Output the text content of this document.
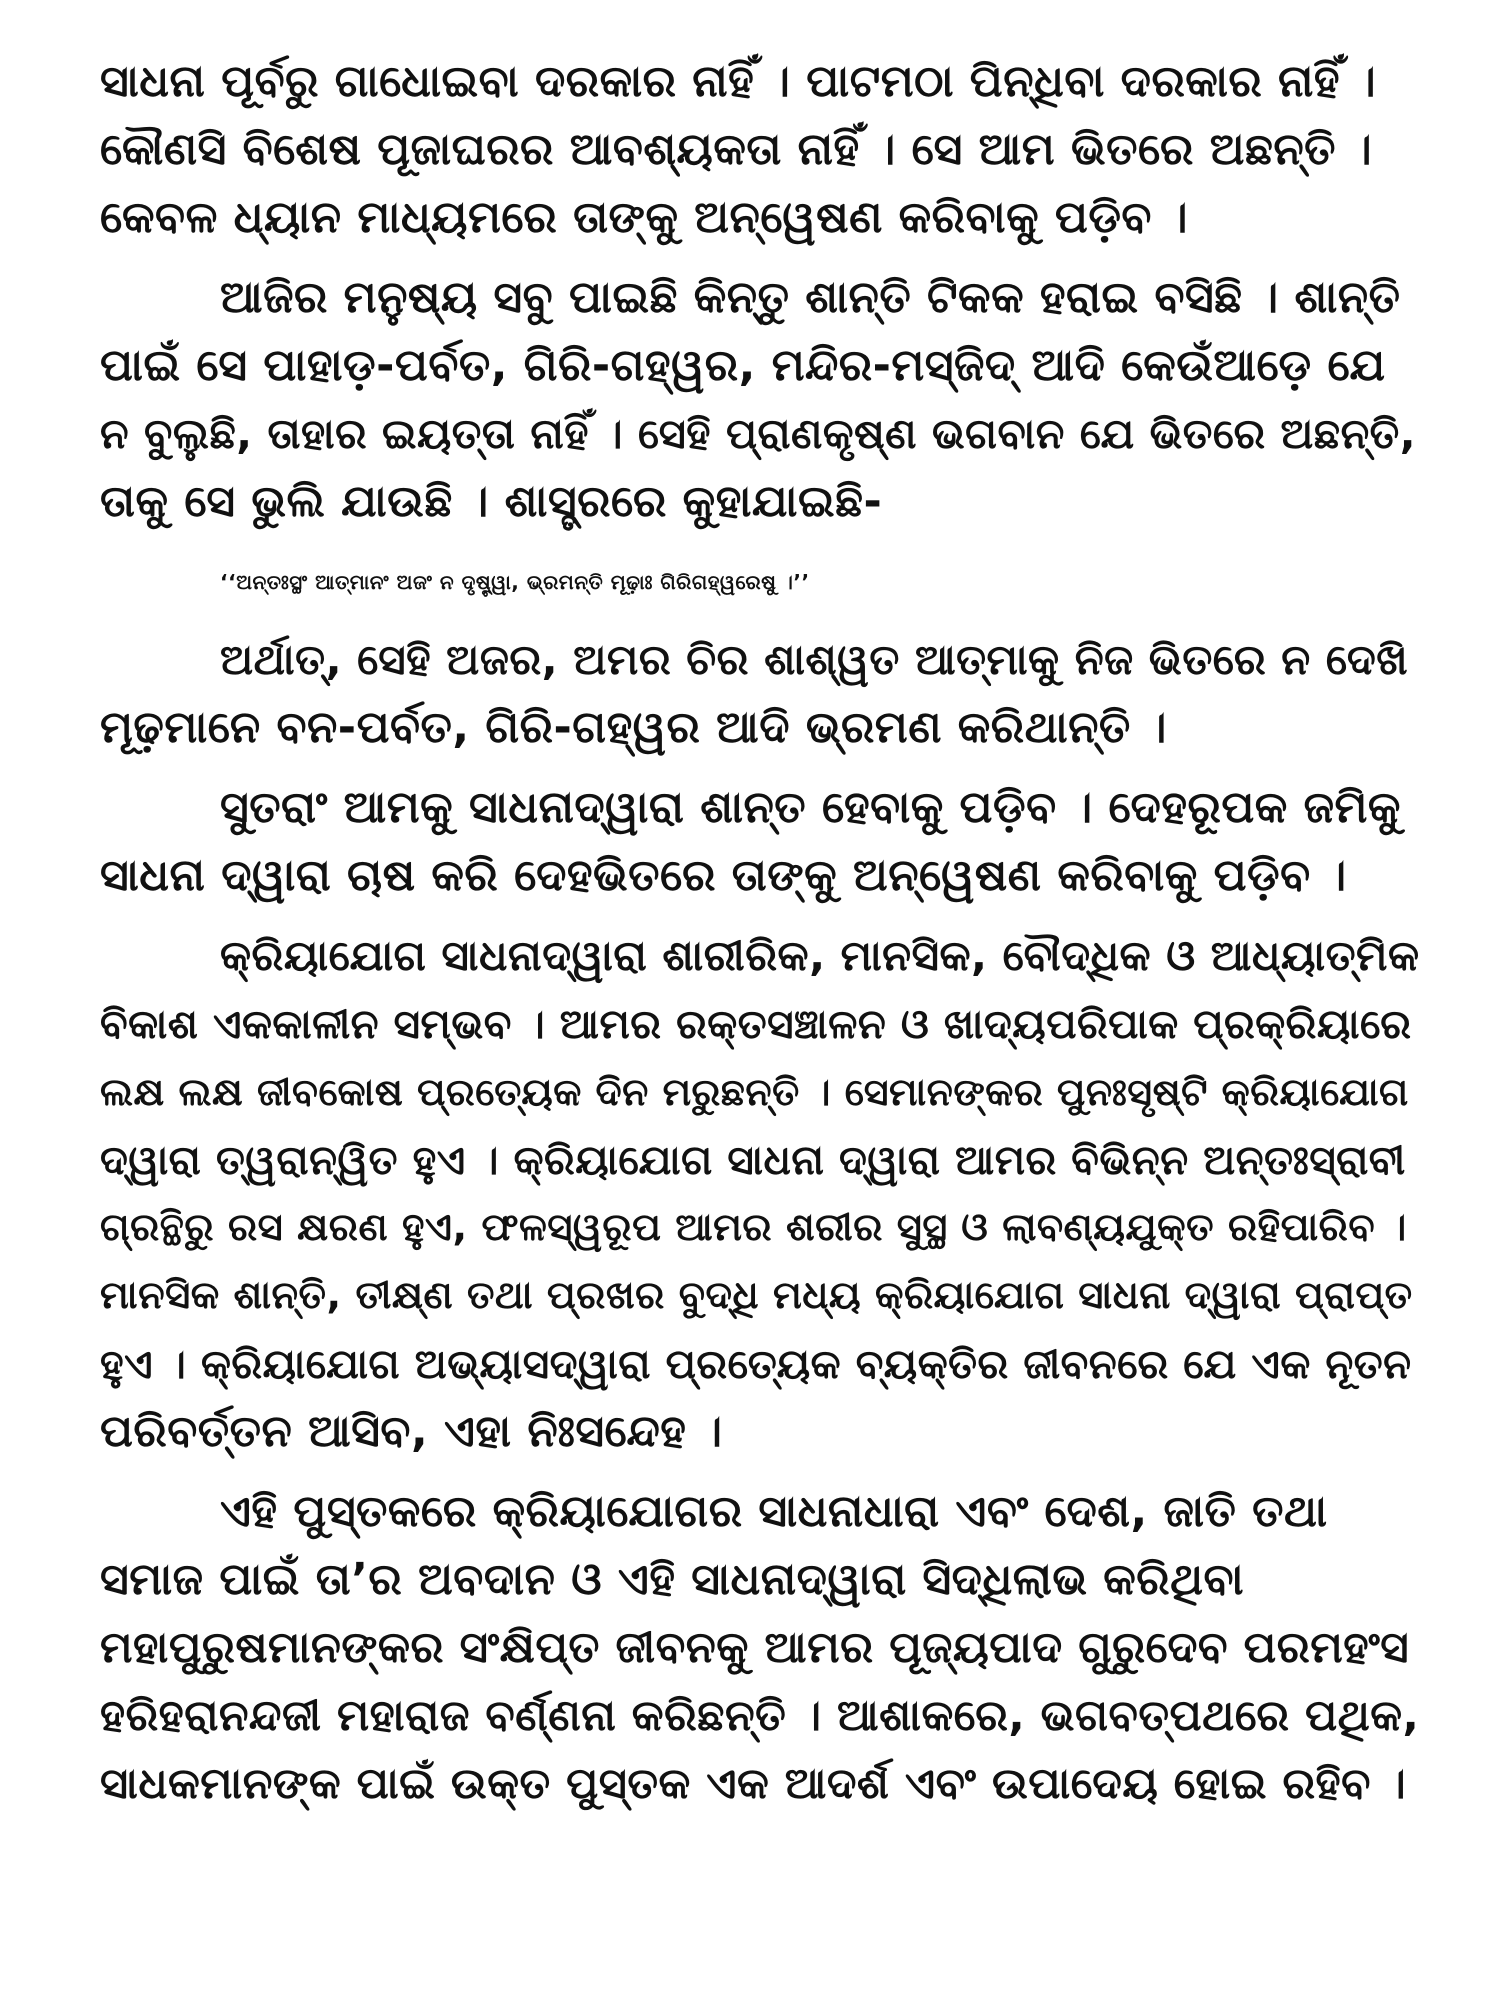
ସାଧନା ପୂର୍ବରୁ ଗାଧୋଇବା ଦରକାର ନାହିଁ । ପାଟମଠା ପିନ୍ଧିବା ଦରକାର ନାହିଁ ।
କୌଣସି ବିଶେଷ ପୂଜାଘରର ଆବଶ୍ୟକତା ନାହିଁ । ସେ ଆମ ଭିତରେ ଅଛନ୍ତି ।
କେବଳ ଧ୍ୟାନ ମାଧ୍ୟମରେ ତାଙ୍କୁ ଅନ୍ୱେଷଣ କରିବାକୁ ପଡ଼ିବ ।

ଆଜିର ମନୁଷ୍ୟ ସବୁ ପାଇଛି କିନ୍ତୁ ଶାନ୍ତି ଟିକକ ହରାଇ ବସିଛି । ଶାନ୍ତି
ପାଇଁ ସେ ପାହାଡ଼-ପର୍ବତ, ଗିରି-ଗହ୍ୱର, ମନ୍ଦିର-ମସ୍‌ଜିଦ୍ ଆଦି କେଉଁଆଡ଼େ ଯେ
ନ ବୁଲୁଛି, ତାହାର ଇୟତ୍ତା ନାହିଁ । ସେହି ପ୍ରାଣକୃଷ୍ଣ ଭଗବାନ ଯେ ଭିତରେ ଅଛନ୍ତି,
ତାକୁ ସେ ଭୁଲି ଯାଉଛି । ଶାସ୍ତ୍ରରେ କୁହାଯାଇଛି-

‘‘ଅନ୍ତଃସ୍ଥଂ ଆତ୍ମାନଂ ଅଜଂ ନ ଦୃଷ୍ଟ୍ୱା, ଭ୍ରମନ୍ତି ମୂଢ଼ାଃ ଗିରିଗହ୍ୱରେଷୁ ।’’

ଅର୍ଥାତ୍, ସେହି ଅଜର, ଅମର ଚିର ଶାଶ୍ୱତ ଆତ୍ମାକୁ ନିଜ ଭିତରେ ନ ଦେଖି
ମୂଢ଼ମାନେ ବନ-ପର୍ବତ, ଗିରି-ଗହ୍ୱର ଆଦି ଭ୍ରମଣ କରିଥାନ୍ତି ।

ସୁତରାଂ ଆମକୁ ସାଧନାଦ୍ୱାରା ଶାନ୍ତ ହେବାକୁ ପଡ଼ିବ । ଦେହରୂପକ ଜମିକୁ
ସାଧନା ଦ୍ୱାରା ଚାଷ କରି ଦେହଭିତରେ ତାଙ୍କୁ ଅନ୍ୱେଷଣ କରିବାକୁ ପଡ଼ିବ ।

କ୍ରିୟାଯୋଗ ସାଧନାଦ୍ୱାରା ଶାରୀରିକ, ମାନସିକ, ବୌଦ୍ଧିକ ଓ ଆଧ୍ୟାତ୍ମିକ
ବିକାଶ ଏକକାଳୀନ ସମ୍ଭବ । ଆମର ରକ୍ତସଞ୍ଚାଳନ ଓ ଖାଦ୍ୟପରିପାକ ପ୍ରକ୍ରିୟାରେ
ଲକ୍ଷ ଲକ୍ଷ ଜୀବକୋଷ ପ୍ରତ୍ୟେକ ଦିନ ମରୁଛନ୍ତି । ସେମାନଙ୍କର ପୁନଃସୃଷ୍ଟି କ୍ରିୟାଯୋଗ
ଦ୍ୱାରା ତ୍ୱରାନ୍ୱିତ ହୁଏ । କ୍ରିୟାଯୋଗ ସାଧନା ଦ୍ୱାରା ଆମର ବିଭିନ୍ନ ଅନ୍ତଃସ୍ରାବୀ
ଗ୍ରନ୍ଥିରୁ ରସ କ୍ଷରଣ ହୁଏ, ଫଳସ୍ୱରୂପ ଆମର ଶରୀର ସୁସ୍ଥ ଓ ଲାବଣ୍ୟଯୁକ୍ତ ରହିପାରିବ ।
ମାନସିକ ଶାନ୍ତି, ତୀକ୍ଷ୍ଣ ତଥା ପ୍ରଖର ବୁଦ୍ଧି ମଧ୍ୟ କ୍ରିୟାଯୋଗ ସାଧନା ଦ୍ୱାରା ପ୍ରାପ୍ତ
ହୁଏ । କ୍ରିୟାଯୋଗ ଅଭ୍ୟାସଦ୍ୱାରା ପ୍ରତ୍ୟେକ ବ୍ୟକ୍ତିର ଜୀବନରେ ଯେ ଏକ ନୂତନ
ପରିବର୍ତ୍ତନ ଆସିବ, ଏହା ନିଃସନ୍ଦେହ ।

ଏହି ପୁସ୍ତକରେ କ୍ରିୟାଯୋଗର ସାଧନାଧାରା ଏବଂ ଦେଶ, ଜାତି ତଥା
ସମାଜ ପାଇଁ ତା’ର ଅବଦାନ ଓ ଏହି ସାଧନାଦ୍ୱାରା ସିଦ୍ଧିଲାଭ କରିଥିବା
ମହାପୁରୁଷମାନଙ୍କର ସଂକ୍ଷିପ୍ତ ଜୀବନକୁ ଆମର ପୂଜ୍ୟପାଦ ଗୁରୁଦେବ ପରମହଂସ
ହରିହରାନନ୍ଦଜୀ ମହାରାଜ ବର୍ଣ୍ଣନା କରିଛନ୍ତି । ଆଶାକରେ, ଭଗବତ୍‌ପଥରେ ପଥିକ,
ସାଧକମାନଙ୍କ ପାଇଁ ଉକ୍ତ ପୁସ୍ତକ ଏକ ଆଦର୍ଶ ଏବଂ ଉପାଦେୟ ହୋଇ ରହିବ ।
